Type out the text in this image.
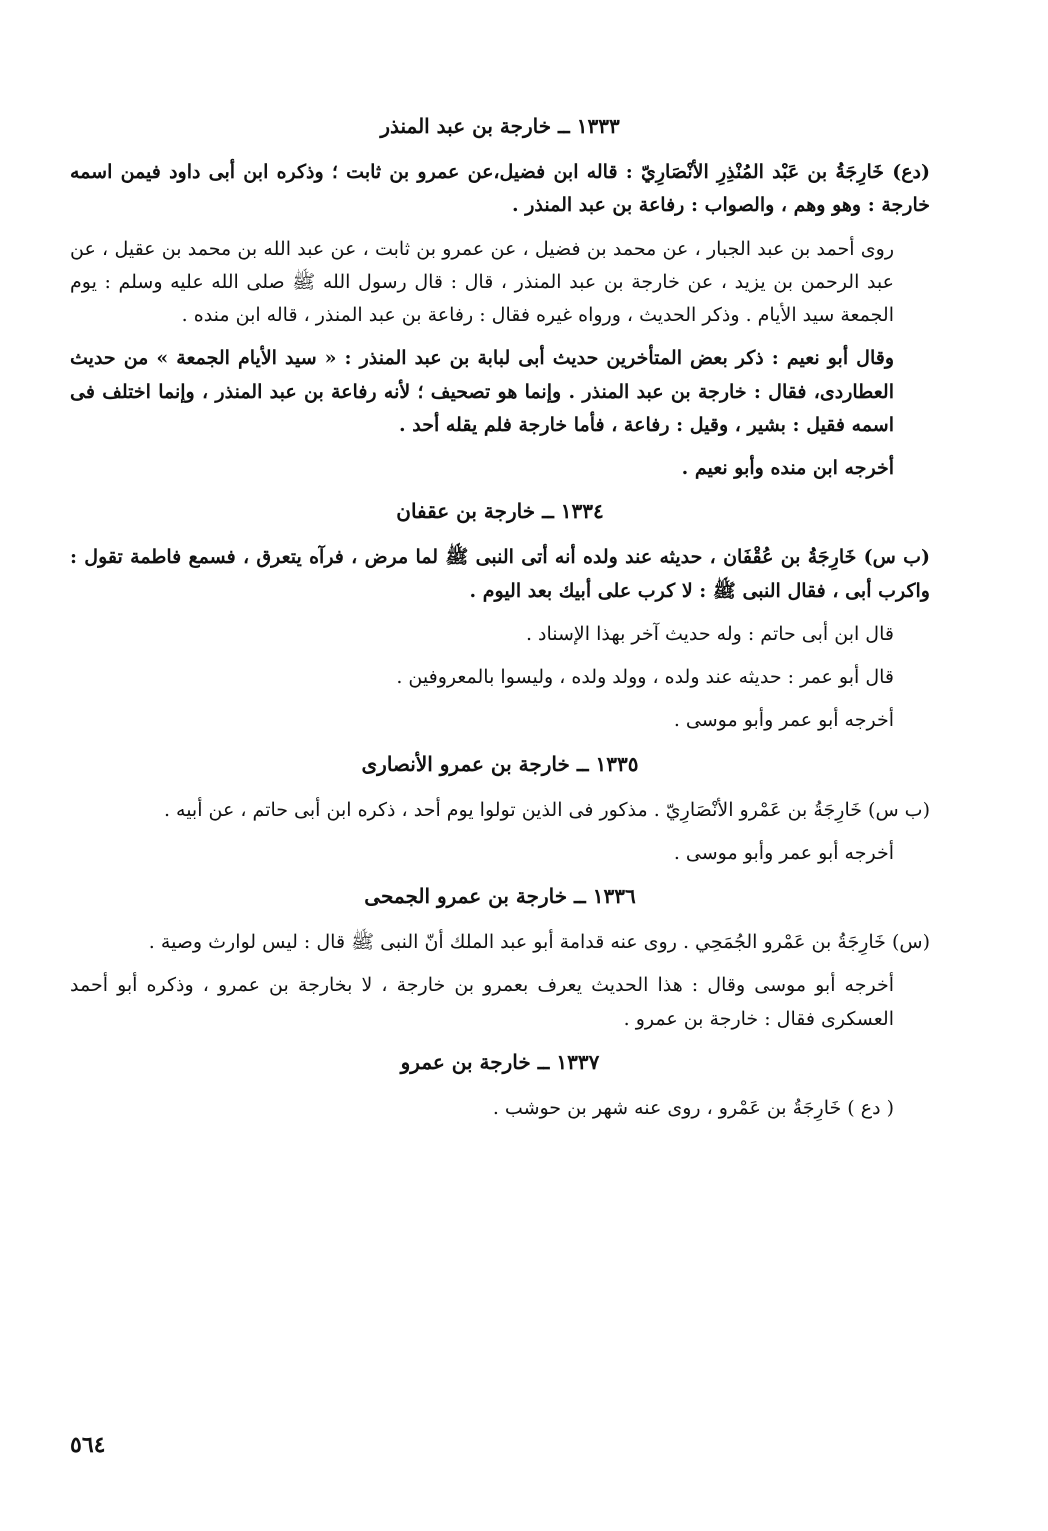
١٣٣٣ ــ خارجة بن عبد المنذر

(دع) خَارِجَةُ بن عَبْد المُنْذِرِ الأنْصَارِيّ : قاله ابن فضيل،عن عمرو بن ثابت ؛ وذكره ابن أبى داود فيمن اسمه خارجة : وهو وهم ، والصواب : رفاعة بن عبد المنذر .

روى أحمد بن عبد الجبار ، عن محمد بن فضيل ، عن عمرو بن ثابت ، عن عبد الله بن محمد بن عقيل ، عن عبد الرحمن بن يزيد ، عن خارجة بن عبد المنذر ، قال : قال رسول الله ﷺ صلى الله عليه وسلم : يوم الجمعة سيد الأيام . وذكر الحديث ، ورواه غيره فقال : رفاعة بن عبد المنذر ، قاله ابن منده .

وقال أبو نعيم : ذكر بعض المتأخرين حديث أبى لبابة بن عبد المنذر : « سيد الأيام الجمعة » من حديث العطاردى، فقال : خارجة بن عبد المنذر . وإنما هو تصحيف ؛ لأنه رفاعة بن عبد المنذر ، وإنما اختلف فى اسمه فقيل : بشير ، وقيل : رفاعة ، فأما خارجة فلم يقله أحد .

أخرجه ابن منده وأبو نعيم .

١٣٣٤ ــ خارجة بن عقفان

(ب س) خَارِجَةُ بن عُقْفَان ، حديثه عند ولده أنه أتى النبى ﷺ لما مرض ، فرآه يتعرق ، فسمع فاطمة تقول : واكرب أبى ، فقال النبى ﷺ : لا كرب على أبيك بعد اليوم .

قال ابن أبى حاتم : وله حديث آخر بهذا الإسناد .

قال أبو عمر : حديثه عند ولده ، وولد ولده ، وليسوا بالمعروفين .

أخرجه أبو عمر وأبو موسى .

١٣٣٥ ــ خارجة بن عمرو الأنصارى

(ب س) خَارِجَةُ بن عَمْرو الأنْصَارِيّ . مذكور فى الذين تولوا يوم أحد ، ذكره ابن أبى حاتم ، عن أبيه .

أخرجه أبو عمر وأبو موسى .

١٣٣٦ ــ خارجة بن عمرو الجمحى

(س) خَارِجَةُ بن عَمْرو الجُمَحِي . روى عنه قدامة أبو عبد الملك أنّ النبى ﷺ قال : ليس لوارث وصية .

أخرجه أبو موسى وقال : هذا الحديث يعرف بعمرو بن خارجة ، لا بخارجة بن عمرو ، وذكره أبو أحمد العسكرى فقال : خارجة بن عمرو .

١٣٣٧ ــ خارجة بن عمرو

( دع ) خَارِجَةُ بن عَمْرو ، روى عنه شهر بن حوشب .

٥٦٤
